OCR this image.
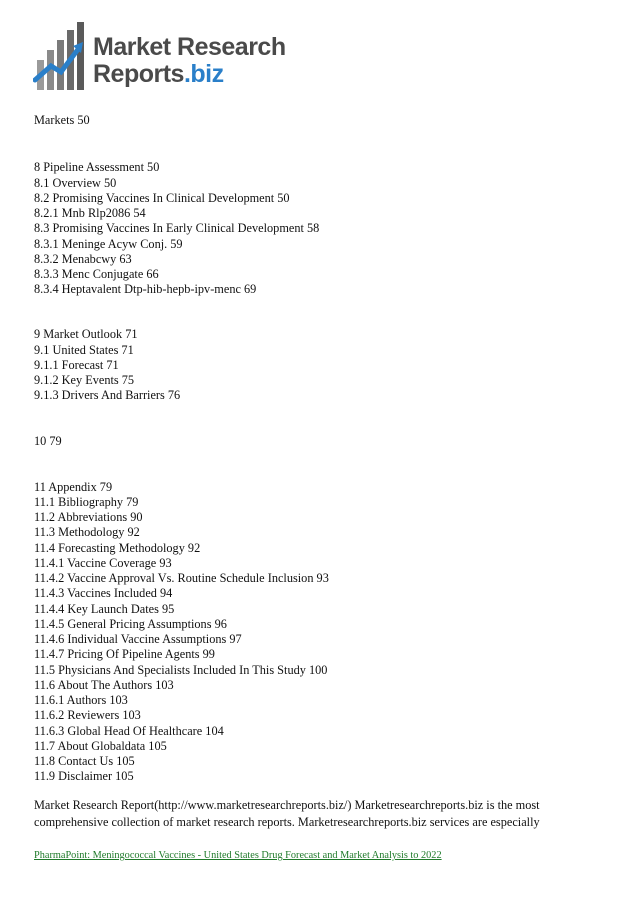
Market Research
Reports.biz
Markets 50
8 Pipeline Assessment 50
8.1 Overview 50
8.2 Promising Vaccines In Clinical Development 50
8.2.1 Mnb Rlp2086 54
8.3 Promising Vaccines In Early Clinical Development 58
8.3.1 Meninge Acyw Conj. 59
8.3.2 Menabcwy 63
8.3.3 Menc Conjugate 66
8.3.4 Heptavalent Dtp-hib-hepb-ipv-menc 69
9 Market Outlook 71
9.1 United States 71
9.1.1 Forecast 71
9.1.2 Key Events 75
9.1.3 Drivers And Barriers 76
10 79
11 Appendix 79
11.1 Bibliography 79
11.2 Abbreviations 90
11.3 Methodology 92
11.4 Forecasting Methodology 92
11.4.1 Vaccine Coverage 93
11.4.2 Vaccine Approval Vs. Routine Schedule Inclusion 93
11.4.3 Vaccines Included 94
11.4.4 Key Launch Dates 95
11.4.5 General Pricing Assumptions 96
11.4.6 Individual Vaccine Assumptions 97
11.4.7 Pricing Of Pipeline Agents 99
11.5 Physicians And Specialists Included In This Study 100
11.6 About The Authors 103
11.6.1 Authors 103
11.6.2 Reviewers 103
11.6.3 Global Head Of Healthcare 104
11.7 About Globaldata 105
11.8 Contact Us 105
11.9 Disclaimer 105
Market Research Report(http://www.marketresearchreports.biz/) Marketresearchreports.biz is the most comprehensive collection of market research reports. Marketresearchreports.biz services are especially
PharmaPoint: Meningococcal Vaccines - United States Drug Forecast and Market Analysis to 2022
